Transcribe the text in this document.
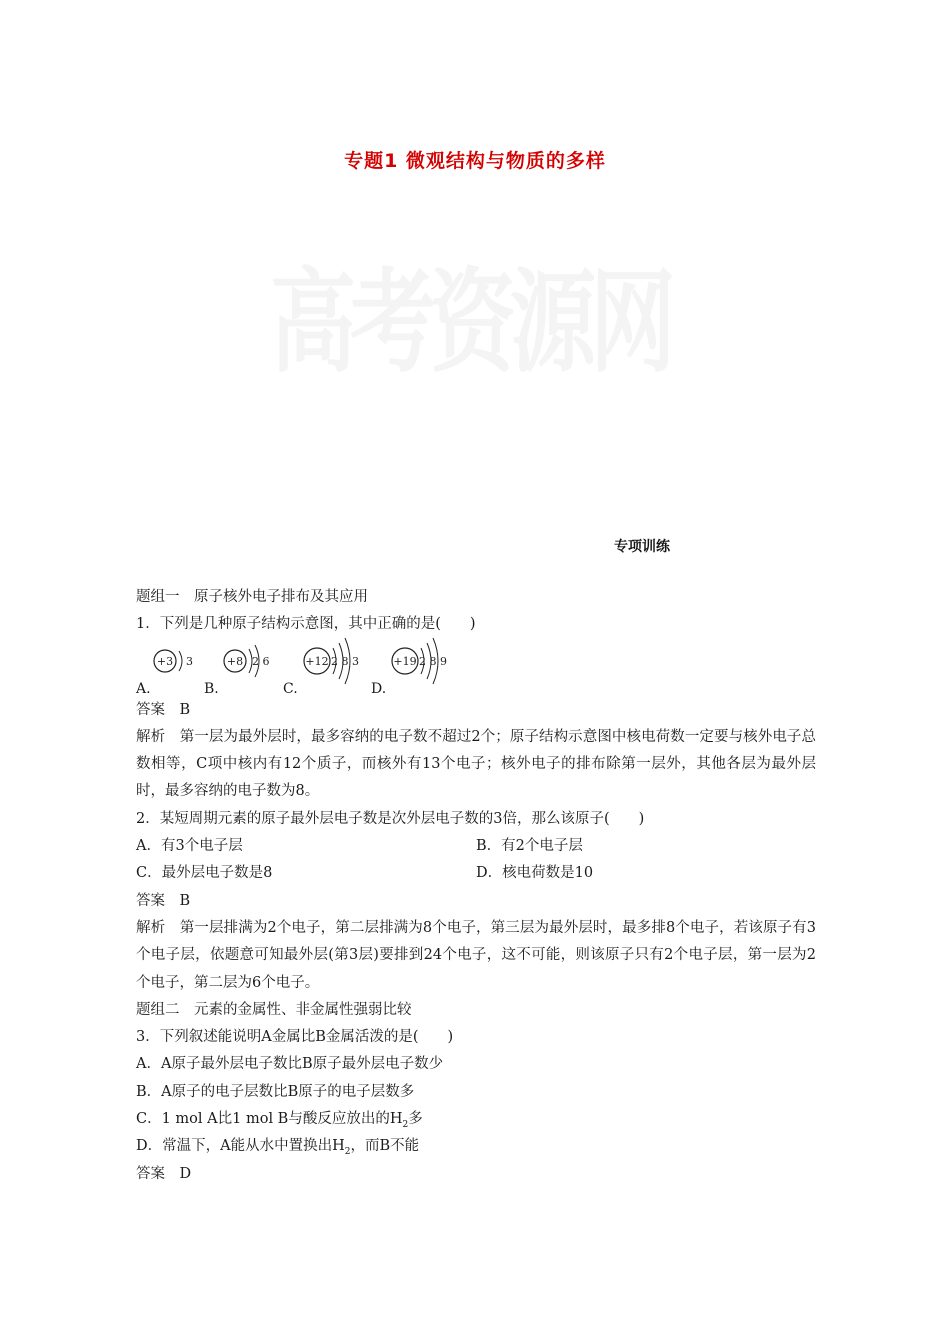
专题1 微观结构与物质的多样
高考资源网
专项训练
题组一　原子核外电子排布及其应用
1．下列是几种原子结构示意图，其中正确的是(　　)
A.
+3 3
B.
+8 2 6
C.
+12 2 8 3
D.
+19 2 8 9
答案　B
解析　第一层为最外层时，最多容纳的电子数不超过2个；原子结构示意图中核电荷数一定要与核外电子总数相等，C项中核内有12个质子，而核外有13个电子；核外电子的排布除第一层外，其他各层为最外层时，最多容纳的电子数为8。
2．某短周期元素的原子最外层电子数是次外层电子数的3倍，那么该原子(　　)
A．有3个电子层	B．有2个电子层
C．最外层电子数是8	D．核电荷数是10
答案　B
解析　第一层排满为2个电子，第二层排满为8个电子，第三层为最外层时，最多排8个电子，若该原子有3个电子层，依题意可知最外层(第3层)要排到24个电子，这不可能，则该原子只有2个电子层，第一层为2个电子，第二层为6个电子。
题组二　元素的金属性、非金属性强弱比较
3．下列叙述能说明A金属比B金属活泼的是(　　)
A．A原子最外层电子数比B原子最外层电子数少
B．A原子的电子层数比B原子的电子层数多
C．1 mol A比1 mol B与酸反应放出的$H_2$多
D．常温下，A能从水中置换出$H_2$，而B不能
答案　D
